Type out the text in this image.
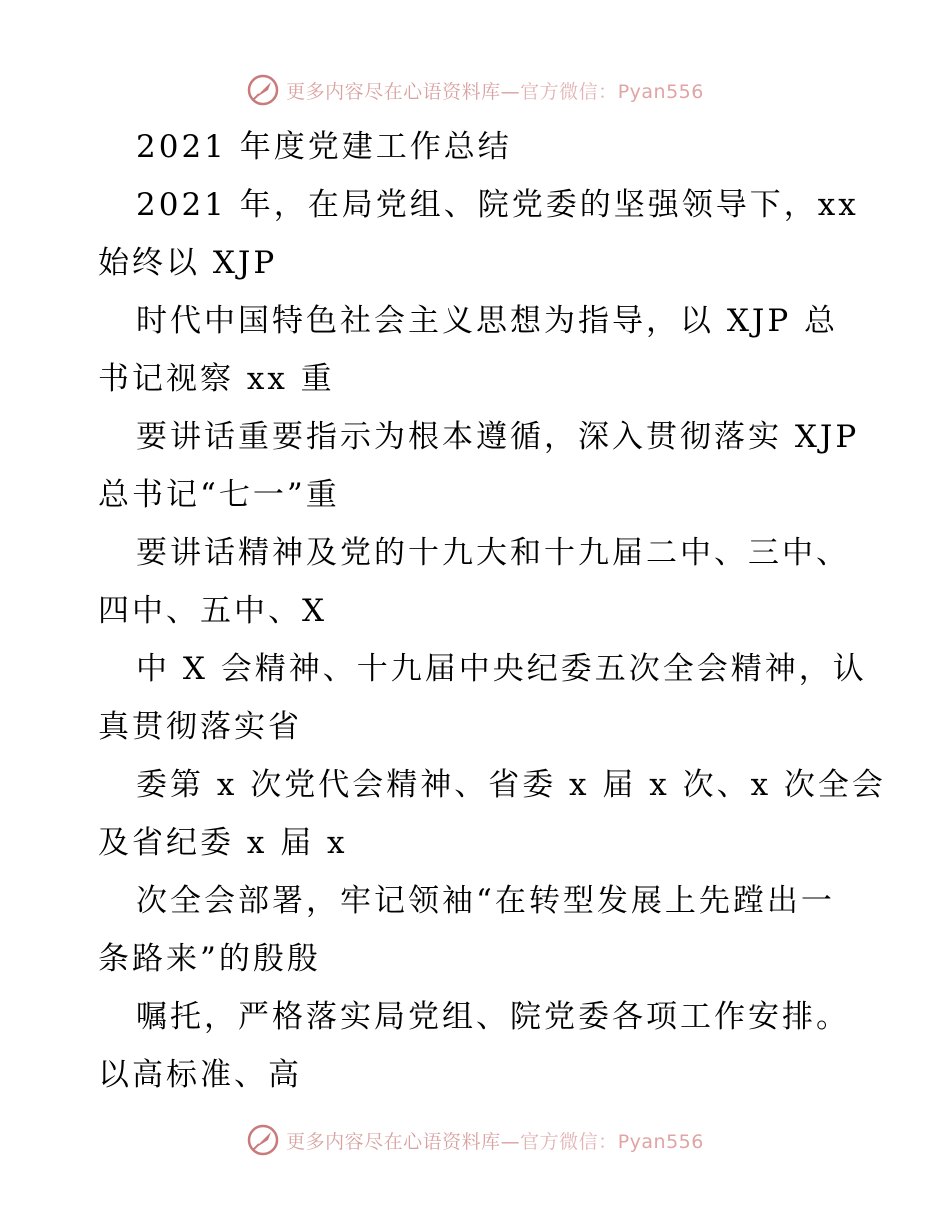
更多内容尽在心语资料库—官方微信：Pyan556
2021 年度党建工作总结
2021 年，在局党组、院党委的坚强领导下，xx
始终以 XJP
时代中国特色社会主义思想为指导，以 XJP 总
书记视察 xx 重
要讲话重要指示为根本遵循，深入贯彻落实 XJP
总书记“七一”重
要讲话精神及党的十九大和十九届二中、三中、
四中、五中、X
中 X 会精神、十九届中央纪委五次全会精神，认
真贯彻落实省
委第 x 次党代会精神、省委 x 届 x 次、x 次全会
及省纪委 x 届 x
次全会部署，牢记领袖“在转型发展上先蹚出一
条路来”的殷殷
嘱托，严格落实局党组、院党委各项工作安排。
以高标准、高
更多内容尽在心语资料库—官方微信：Pyan556
